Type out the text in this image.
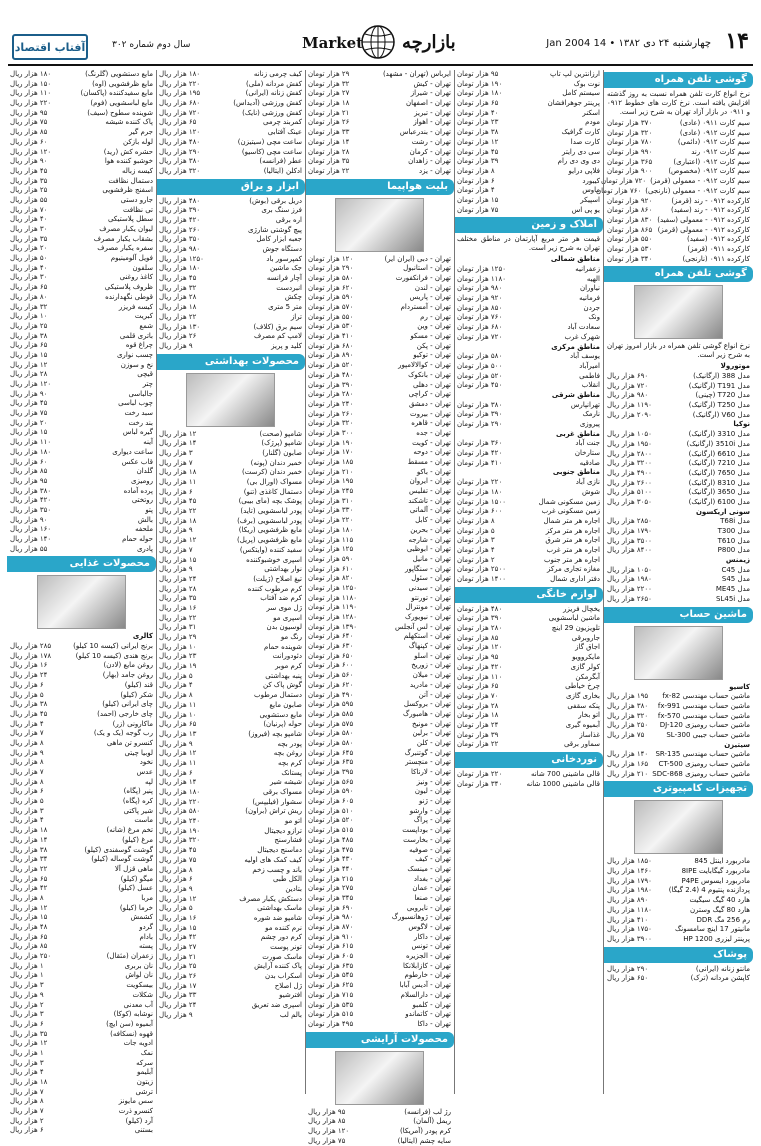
۱۴
چهارشنبه ۲۴ دی ۱۳۸۲ • 14 Jan 2004
بازارچه
Market
سال دوم شماره ۳۰۲
آفتاب اقتصاد
گوشی تلفن همراه
نرخ انواع کارت تلفن همراه نسبت به روز گذشته افزایش یافته است. نرخ کارت های خطوط ۰۹۱۲ و ۰۹۱۱ در بازار آزاد تهران به شرح زیر است.
سیم کارت ۰۹۱۱ (عادی)
۳۷۰ هزار تومان
سیم کارت ۰۹۱۲ (عادی)
۳۲۰ هزار تومان
سیم کارت ۰۹۱۲ (دائمی)
۷۸۰ هزار تومان
سیم کارت ۰۹۱۲ رند
۹۹۰ هزار تومان
سیم کارت ۰۹۱۲ (اعتباری)
۳۶۵ هزار تومان
سیم کارت ۰۹۱۲ (مخصوص)
۹۰۰ هزار تومان
سیم کارت ۰۹۱۲ - معمولی (قرمز)
۷۲۰ هزار تومان
سیم کارت ۰۹۱۲ - معمولی (نارنجی)
۷۶۰ هزار تومان
کارکرده ۰۹۱۲ - رند (قرمز)
۹۲۰ هزار تومان
کارکرده ۰۹۱۲ - رند (سفید)
۸۶۰ هزار تومان
کارکرده ۰۹۱۲ - معمولی (سفید)
۸۳۰ هزار تومان
کارکرده ۰۹۱۲ - معمولی (قرمز)
۸۶۵ هزار تومان
کارکرده ۰۹۱۲ (سفید)
۵۵۰ هزار تومان
کارکرده ۰۹۱۱ (قرمز)
۵۳۰ هزار تومان
کارکرده ۰۹۱۱ (نارنجی)
۳۴۰ هزار تومان
گوشی تلفن همراه
نرخ انواع گوشی تلفن همراه در بازار امروز تهران به شرح زیر است.
موتورولا
مدل 388 (ارگانیک)
۶۹۰ هزار ریال
مدل T191 (ارگانیک)
۷۲۰ هزار ریال
مدل T720 (چینی)
۹۸۰ هزار ریال
مدل T250 (ارگانیک)
۱۱۹۰ هزار ریال
مدل V60 (ارگانیک)
۲۰۹۰ هزار ریال
نوکیا
مدل 3310 (ارگانیک)
۱۰۵۰ هزار ریال
مدل 3510i (ارگانیک)
۱۹۵۰ هزار ریال
مدل 6610 (ارگانیک)
۲۸۰۰ هزار ریال
مدل 7210 (ارگانیک)
۳۲۰۰ هزار ریال
مدل 7650 (ارگانیک)
۴۹۰۰ هزار ریال
مدل 8310 (ارگانیک)
۲۶۰۰ هزار ریال
مدل 3650 (ارگانیک)
۵۱۰۰ هزار ریال
مدل 6100 (ارگانیک)
۳۰۵۰ هزار ریال
سونی اریکسون
مدل T68i
۲۸۵۰ هزار ریال
مدل T300
۱۷۹۰ هزار ریال
مدل T610
۳۵۰۰ هزار ریال
مدل P800
۸۴۰۰ هزار ریال
زیمنس
مدل C45
۱۰۵۰ هزار ریال
مدل S45
۱۹۸۰ هزار ریال
مدل ME45
۲۲۰۰ هزار ریال
مدل SL45i
۲۶۵۰ هزار ریال
ماشین حساب
کاسیو
ماشین حساب مهندسی fx-82
۱۹۵ هزار ریال
ماشین حساب مهندسی fx-991
۳۸۰ هزار ریال
ماشین حساب مهندسی fx-570
۳۲۰ هزار ریال
ماشین حساب رومیزی DJ-120
۲۵۰ هزار ریال
ماشین حساب جیبی SL-300
۷۵ هزار ریال
سیتیزن
ماشین حساب مهندسی SR-135
۱۴۰ هزار ریال
ماشین حساب رومیزی CT-500
۱۶۵ هزار ریال
ماشین حساب رومیزی SDC-868
۲۱۰ هزار ریال
تجهیزات کامپیوتری
مادربورد اینتل 845
۱۸۵۰ هزار ریال
مادربورد گیگابایت 8IPE
۱۴۶۰ هزار ریال
مادربورد ایسوس P4PE
۱۷۹۰ هزار ریال
پردازنده پنتیوم 4 (2.4 گیگا)
۱۹۸۰ هزار ریال
هارد 40 گیگ سیگیت
۸۹۰ هزار ریال
هارد 80 گیگ وسترن
۱۱۸۰ هزار ریال
رم 256 مگ DDR
۴۱۰ هزار ریال
مانیتور 17 اینچ سامسونگ
۱۷۵۰ هزار ریال
پرینتر لیزری HP 1200
۳۹۰۰ هزار ریال
پوشاک
مانتو زنانه (ایرانی)
۲۹۰ هزار ریال
کاپشن مردانه (ترک)
۶۵۰ هزار ریال
ارزانترین لپ تاپ
۹۵ هزار تومان
نوت بوک
۱۹۰ هزار تومان
سیستم کامل
۱۸۰ هزار تومان
پرینتر جوهرافشان
۶۵ هزار تومان
اسکنر
۴۰ هزار تومان
مودم
۲۳ هزار تومان
کارت گرافیک
۳۸ هزار تومان
کارت صدا
۱۲ هزار تومان
سی دی رایتر
۴۵ هزار تومان
دی وی دی رام
۳۹ هزار تومان
فلاپی درایو
۸ هزار تومان
کیبورد
۶ هزار تومان
ماوس
۴ هزار تومان
اسپیکر
۱۵ هزار تومان
یو پی اس
۷۵ هزار تومان
املاک و زمین
قیمت هر متر مربع آپارتمان در مناطق مختلف تهران به شرح زیر است.
مناطق شمالی
زعفرانیه
۱۲۵۰ هزار تومان
الهیه
۱۱۸۰ هزار تومان
نیاوران
۹۸۰ هزار تومان
فرمانیه
۹۲۰ هزار تومان
جردن
۸۵۰ هزار تومان
ونک
۷۶۰ هزار تومان
سعادت آباد
۶۸۰ هزار تومان
شهرک غرب
۷۲۰ هزار تومان
مناطق مرکزی
یوسف آباد
۵۸۰ هزار تومان
امیرآباد
۵۰۰ هزار تومان
فاطمی
۵۲۰ هزار تومان
انقلاب
۴۵۰ هزار تومان
مناطق شرقی
تهرانپارس
۳۸۰ هزار تومان
نارمک
۳۹۰ هزار تومان
پیروزی
۲۹۰ هزار تومان
مناطق غربی
جنت آباد
۳۶۰ هزار تومان
ستارخان
۴۲۰ هزار تومان
صادقیه
۴۱۰ هزار تومان
مناطق جنوبی
نازی آباد
۲۲۰ هزار تومان
شوش
۱۸۰ هزار تومان
زمین مسکونی شمال
۱۵۰۰ هزار تومان
زمین مسکونی غرب
۶۰۰ هزار تومان
اجاره هر متر شمال
۸ هزار تومان
اجاره هر متر مرکز
۵ هزار تومان
اجاره هر متر شرق
۳ هزار تومان
اجاره هر متر غرب
۴ هزار تومان
اجاره هر متر جنوب
۲ هزار تومان
مغازه تجاری مرکز
۲۵۰۰ هزار تومان
دفتر اداری شمال
۱۴۰۰ هزار تومان
لوازم خانگی
یخچال فریزر
۴۸۰ هزار تومان
ماشین لباسشویی
۳۹۰ هزار تومان
تلویزیون 29 اینچ
۲۸۰ هزار تومان
جاروبرقی
۸۵ هزار تومان
اجاق گاز
۱۲۰ هزار تومان
مایکروویو
۹۵ هزار تومان
کولر گازی
۴۲۰ هزار تومان
آبگرمکن
۱۱۰ هزار تومان
چرخ خیاطی
۶۵ هزار تومان
بخاری گازی
۷۰ هزار تومان
پنکه سقفی
۲۸ هزار تومان
اتو بخار
۱۸ هزار تومان
آبمیوه گیری
۲۴ هزار تومان
غذاساز
۳۹ هزار تومان
سماور برقی
۲۲ هزار تومان
نوردخانی
قالی ماشینی 700 شانه
۲۲۰ هزار تومان
قالی ماشینی 1000 شانه
۳۴۰ هزار تومان
ایرباس (تهران - مشهد)
۲۹ هزار تومان
تهران - کیش
۳۲ هزار تومان
تهران - شیراز
۲۷ هزار تومان
تهران - اصفهان
۱۸ هزار تومان
تهران - تبریز
۲۱ هزار تومان
تهران - اهواز
۲۶ هزار تومان
تهران - بندرعباس
۳۳ هزار تومان
تهران - رشت
۱۴ هزار تومان
تهران - کرمان
۲۸ هزار تومان
تهران - زاهدان
۳۵ هزار تومان
تهران - یزد
۲۲ هزار تومان
بلیت هواپیما
تهران - دبی (ایران ایر)
۱۲۰ هزار تومان
تهران - استانبول
۲۹۰ هزار تومان
تهران - فرانکفورت
۵۸۰ هزار تومان
تهران - لندن
۶۲۰ هزار تومان
تهران - پاریس
۵۹۰ هزار تومان
تهران - آمستردام
۵۷۰ هزار تومان
تهران - رم
۵۵۰ هزار تومان
تهران - وین
۵۳۰ هزار تومان
تهران - مسکو
۴۱۰ هزار تومان
تهران - پکن
۶۸۰ هزار تومان
تهران - توکیو
۸۹۰ هزار تومان
تهران - کوالالامپور
۵۲۰ هزار تومان
تهران - بانکوک
۴۸۰ هزار تومان
تهران - دهلی
۳۹۰ هزار تومان
تهران - کراچی
۲۸۰ هزار تومان
تهران - دمشق
۲۴۰ هزار تومان
تهران - بیروت
۲۶۰ هزار تومان
تهران - قاهره
۳۲۰ هزار تومان
تهران - جده
۳۰۰ هزار تومان
تهران - کویت
۱۹۰ هزار تومان
تهران - دوحه
۱۷۰ هزار تومان
تهران - مسقط
۱۸۵ هزار تومان
تهران - باکو
۲۱۰ هزار تومان
تهران - ایروان
۱۹۵ هزار تومان
تهران - تفلیس
۲۴۵ هزار تومان
تهران - تاشکند
۳۱۰ هزار تومان
تهران - آلماتی
۳۳۰ هزار تومان
تهران - کابل
۲۲۰ هزار تومان
تهران - بحرین
۱۸۰ هزار تومان
تهران - شارجه
۱۱۵ هزار تومان
تهران - ابوظبی
۱۲۵ هزار تومان
تهران - مانیل
۵۹۰ هزار تومان
تهران - سنگاپور
۶۱۰ هزار تومان
تهران - سئول
۸۲۰ هزار تومان
تهران - سیدنی
۱۲۵۰ هزار تومان
تهران - تورنتو
۱۱۸۰ هزار تومان
تهران - مونترال
۱۱۹۰ هزار تومان
تهران - نیویورک
۱۲۸۰ هزار تومان
تهران - لس آنجلس
۱۳۹۰ هزار تومان
تهران - استکهلم
۶۴۰ هزار تومان
تهران - کپنهاگ
۶۳۰ هزار تومان
تهران - اسلو
۶۵۰ هزار تومان
تهران - زوریخ
۶۰۰ هزار تومان
تهران - میلان
۵۶۰ هزار تومان
تهران - مادرید
۶۲۰ هزار تومان
تهران - آتن
۴۹۰ هزار تومان
تهران - بروکسل
۵۹۵ هزار تومان
تهران - هامبورگ
۵۸۵ هزار تومان
تهران - مونیخ
۵۷۵ هزار تومان
تهران - برلین
۵۸۰ هزار تومان
تهران - کلن
۵۸۰ هزار تومان
تهران - گوتنبرگ
۶۴۵ هزار تومان
تهران - منچستر
۶۳۵ هزار تومان
تهران - لارناکا
۳۹۵ هزار تومان
تهران - ونیز
۵۶۵ هزار تومان
تهران - لیون
۵۹۰ هزار تومان
تهران - ژنو
۶۰۵ هزار تومان
تهران - وارشو
۵۱۰ هزار تومان
تهران - پراگ
۵۲۰ هزار تومان
تهران - بوداپست
۵۱۵ هزار تومان
تهران - بخارست
۴۸۵ هزار تومان
تهران - صوفیه
۴۷۵ هزار تومان
تهران - کیف
۴۳۰ هزار تومان
تهران - مینسک
۴۴۰ هزار تومان
تهران - بغداد
۲۱۵ هزار تومان
تهران - عمان
۲۷۵ هزار تومان
تهران - صنعا
۳۴۵ هزار تومان
تهران - نایروبی
۶۹۰ هزار تومان
تهران - ژوهانسبورگ
۹۸۰ هزار تومان
تهران - لاگوس
۸۷۰ هزار تومان
تهران - داکار
۹۱۰ هزار تومان
تهران - تونس
۶۱۵ هزار تومان
تهران - الجزیره
۶۰۵ هزار تومان
تهران - کازابلانکا
۶۳۵ هزار تومان
تهران - خارطوم
۵۴۵ هزار تومان
تهران - آدیس آبابا
۶۲۵ هزار تومان
تهران - دارالسلام
۷۱۵ هزار تومان
تهران - کلمبو
۵۳۵ هزار تومان
تهران - کاتماندو
۵۱۵ هزار تومان
تهران - داکا
۴۹۵ هزار تومان
محصولات آرایشی
رژ لب (فرانسه)
۹۵ هزار ریال
ریمل (آلمان)
۸۵ هزار ریال
کرم پودر (آمریکا)
۱۲۰ هزار ریال
سایه چشم (ایتالیا)
۷۵ هزار ریال
کیف چرمی زنانه
۱۸۰ هزار ریال
کفش مردانه (ملی)
۲۲۰ هزار ریال
کفش زنانه (ایرانی)
۱۹۵ هزار ریال
کفش ورزشی (آدیداس)
۶۸۰ هزار ریال
کفش ورزشی (نایک)
۷۲۰ هزار ریال
کمربند چرمی
۶۵ هزار ریال
عینک آفتابی
۱۲۰ هزار ریال
ساعت مچی (سیتیزن)
۴۸۰ هزار ریال
ساعت مچی (کاسیو)
۲۹۰ هزار ریال
عطر (فرانسه)
۳۸۰ هزار ریال
ادکلن (ایتالیا)
۳۲۰ هزار ریال
ابزار و یراق
دریل برقی (بوش)
۴۸۰ هزار ریال
فرز سنگ بری
۳۹۰ هزار ریال
اره برقی
۴۲۰ هزار ریال
پیچ گوشتی شارژی
۲۶۰ هزار ریال
جعبه ابزار کامل
۳۵۰ هزار ریال
دستگاه جوش
۹۸۰ هزار ریال
کمپرسور باد
۱۲۵۰ هزار ریال
جک ماشین
۱۸۰ هزار ریال
آچار فرانسه
۴۵ هزار ریال
انبردست
۳۲ هزار ریال
چکش
۲۸ هزار ریال
متر 5 متری
۱۸ هزار ریال
تراز
۲۲ هزار ریال
سیم برق (کلاف)
۱۳۰ هزار ریال
لامپ کم مصرف
۲۶ هزار ریال
کلید و پریز
۹ هزار ریال
محصولات بهداشتی
شامپو (صحت)
۱۲ هزار ریال
شامپو (پرژک)
۱۴ هزار ریال
صابون (گلنار)
۳ هزار ریال
خمیر دندان (پونه)
۷ هزار ریال
خمیر دندان (کرست)
۱۸ هزار ریال
مسواک (اورال بی)
۱۱ هزار ریال
دستمال کاغذی (تنو)
۶ هزار ریال
پوشک بچه (مای بیبی)
۴۵ هزار ریال
پودر لباسشویی (تاید)
۲۲ هزار ریال
پودر لباسشویی (برف)
۱۸ هزار ریال
مایع ظرفشویی (ریکا)
۹ هزار ریال
مایع ظرفشویی (پریل)
۱۲ هزار ریال
سفید کننده (وایتکس)
۷ هزار ریال
اسپری خوشبوکننده
۱۵ هزار ریال
نوار بهداشتی
۹ هزار ریال
تیغ اصلاح (ژیلت)
۲۴ هزار ریال
کرم مرطوب کننده
۲۸ هزار ریال
کرم ضد آفتاب
۳۵ هزار ریال
ژل موی سر
۱۶ هزار ریال
اسپری مو
۲۲ هزار ریال
لوسیون بدن
۳۱ هزار ریال
رنگ مو
۲۹ هزار ریال
شوینده حمام
۱۰ هزار ریال
دئودورانت
۲۳ هزار ریال
کرم موبر
۱۹ هزار ریال
پنبه بهداشتی
۵ هزار ریال
گوش پاک کن
۴ هزار ریال
دستمال مرطوب
۸ هزار ریال
صابون مایع
۱۱ هزار ریال
مایع دستشویی
۱۰ هزار ریال
حوله (پرنیان)
۶۵ هزار ریال
شامپو بچه (فیروز)
۱۳ هزار ریال
پودر بچه
۹ هزار ریال
روغن بچه
۱۲ هزار ریال
کرم بچه
۱۱ هزار ریال
پستانک
۶ هزار ریال
شیشه شیر
۱۴ هزار ریال
مسواک برقی
۱۸۰ هزار ریال
سشوار (فیلیپس)
۲۲۰ هزار ریال
ریش تراش (براون)
۵۸۰ هزار ریال
اتو مو
۲۴۰ هزار ریال
ترازو دیجیتال
۱۹۰ هزار ریال
فشارسنج
۳۲۰ هزار ریال
دماسنج دیجیتال
۴۵ هزار ریال
کیف کمک های اولیه
۷۵ هزار ریال
باند و چسب زخم
۸ هزار ریال
الکل طبی
۶ هزار ریال
بتادین
۹ هزار ریال
دستکش یکبار مصرف
۱۲ هزار ریال
ماسک بهداشتی
۵ هزار ریال
شامپو ضد شوره
۱۶ هزار ریال
نرم کننده مو
۱۵ هزار ریال
کرم دور چشم
۴۲ هزار ریال
تونر پوست
۲۷ هزار ریال
ماسک صورت
۲۱ هزار ریال
پاک کننده آرایش
۲۵ هزار ریال
اسکراب بدن
۲۶ هزار ریال
ژل اصلاح
۱۷ هزار ریال
افترشیو
۳۳ هزار ریال
اسپری ضد تعریق
۲۴ هزار ریال
بالم لب
۹ هزار ریال
مایع دستشویی (گلرنگ)
۱۸۰ هزار ریال
مایع ظرفشویی (اوه)
۱۵۰ هزار ریال
مایع سفیدکننده (پاکسان)
۱۱۰ هزار ریال
مایع لباسشویی (فوم)
۲۲۰ هزار ریال
شوینده سطوح (سیف)
۹۵ هزار ریال
پاک کننده شیشه
۷۵ هزار ریال
جرم گیر
۸۵ هزار ریال
لوله بازکن
۶۰ هزار ریال
حشره کش (رید)
۱۲۰ هزار ریال
خوشبو کننده هوا
۹۰ هزار ریال
کیسه زباله
۴۵ هزار ریال
دستمال نظافت
۳۵ هزار ریال
اسفنج ظرفشویی
۲۵ هزار ریال
جارو دستی
۵۵ هزار ریال
تی نظافت
۷۰ هزار ریال
سطل پلاستیکی
۴۰ هزار ریال
لیوان یکبار مصرف
۳۰ هزار ریال
بشقاب یکبار مصرف
۳۵ هزار ریال
سفره یکبار مصرف
۲۰ هزار ریال
فویل آلومینیوم
۵۰ هزار ریال
سلفون
۴۰ هزار ریال
کاغذ روغنی
۳۰ هزار ریال
ظروف پلاستیکی
۶۵ هزار ریال
قوطی نگهدارنده
۸۰ هزار ریال
کیسه فریزر
۳۲ هزار ریال
کبریت
۱۰ هزار ریال
شمع
۲۵ هزار ریال
باتری قلمی
۳۸ هزار ریال
چراغ قوه
۶۵ هزار ریال
چسب نواری
۱۵ هزار ریال
نخ و سوزن
۱۲ هزار ریال
قیچی
۲۸ هزار ریال
چتر
۱۲۰ هزار ریال
جالباسی
۹۰ هزار ریال
چوب لباسی
۴۵ هزار ریال
سبد رخت
۷۵ هزار ریال
بند رخت
۲۰ هزار ریال
گیره لباس
۱۵ هزار ریال
آینه
۱۱۰ هزار ریال
ساعت دیواری
۱۸۰ هزار ریال
قاب عکس
۶۰ هزار ریال
گلدان
۸۵ هزار ریال
رومیزی
۹۵ هزار ریال
پرده آماده
۳۸۰ هزار ریال
روتختی
۴۲۰ هزار ریال
پتو
۳۵۰ هزار ریال
بالش
۹۰ هزار ریال
ملحفه
۱۶۰ هزار ریال
حوله حمام
۱۴۰ هزار ریال
پادری
۵۵ هزار ریال
محصولات غذایی
کالری
برنج ایرانی (کیسه 10 کیلو)
۲۸۵ هزار ریال
برنج هندی (کیسه 10 کیلو)
۱۷۸ هزار ریال
روغن مایع (لادن)
۱۶ هزار ریال
روغن جامد (بهار)
۲۴ هزار ریال
قند (کیلو)
۶ هزار ریال
شکر (کیلو)
۵ هزار ریال
چای ایرانی (کیلو)
۳۸ هزار ریال
چای خارجی (احمد)
۴۵ هزار ریال
ماکارونی (زر)
۴ هزار ریال
رب گوجه (یک و یک)
۷ هزار ریال
کنسرو تن ماهی
۸ هزار ریال
لوبیا چیتی
۹ هزار ریال
نخود
۸ هزار ریال
عدس
۷ هزار ریال
لپه
۸ هزار ریال
پنیر (پگاه)
۶ هزار ریال
کره (پگاه)
۵ هزار ریال
شیر پاکتی
۳ هزار ریال
ماست
۴ هزار ریال
تخم مرغ (شانه)
۱۸ هزار ریال
مرغ (کیلو)
۱۴ هزار ریال
گوشت گوسفندی (کیلو)
۳۸ هزار ریال
گوشت گوساله (کیلو)
۳۴ هزار ریال
ماهی قزل آلا
۲۲ هزار ریال
میگو (کیلو)
۶۵ هزار ریال
عسل (کیلو)
۴۲ هزار ریال
مربا
۸ هزار ریال
خرما (کیلو)
۱۲ هزار ریال
کشمش
۱۵ هزار ریال
گردو
۴۸ هزار ریال
بادام
۶۵ هزار ریال
پسته
۸۵ هزار ریال
زعفران (مثقال)
۲۵۰ هزار ریال
نان بربری
۱ هزار ریال
نان لواش
۱ هزار ریال
بیسکویت
۳ هزار ریال
شکلات
۹ هزار ریال
آب معدنی
۲ هزار ریال
نوشابه (کوکا)
۳ هزار ریال
آبمیوه (سن ایچ)
۶ هزار ریال
قهوه (نسکافه)
۳۵ هزار ریال
ادویه جات
۱۲ هزار ریال
نمک
۱ هزار ریال
سرکه
۳ هزار ریال
آبلیمو
۴ هزار ریال
زیتون
۱۸ هزار ریال
ترشی
۷ هزار ریال
سس مایونز
۸ هزار ریال
کنسرو ذرت
۷ هزار ریال
آرد (کیلو)
۲ هزار ریال
بستنی
۶ هزار ریال
